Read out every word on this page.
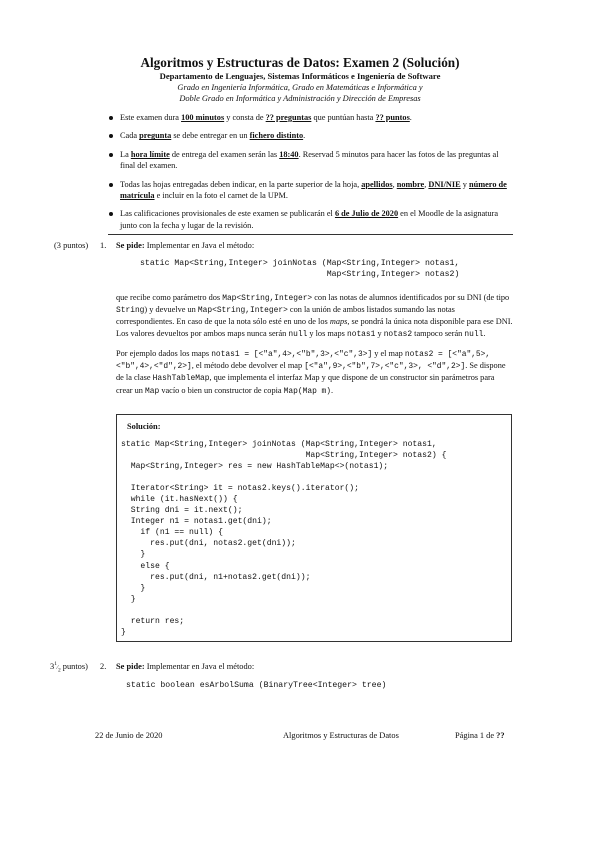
Algoritmos y Estructuras de Datos: Examen 2 (Solución)
Departamento de Lenguajes, Sistemas Informáticos e Ingeniería de Software
Grado en Ingeniería Informática, Grado en Matemáticas e Informática y
Doble Grado en Informática y Administración y Dirección de Empresas
Este examen dura 100 minutos y consta de ?? preguntas que puntúan hasta ?? puntos.
Cada pregunta se debe entregar en un fichero distinto.
La hora límite de entrega del examen serán las 18:40. Reservad 5 minutos para hacer las fotos de las preguntas al final del examen.
Todas las hojas entregadas deben indicar, en la parte superior de la hoja, apellidos, nombre, DNI/NIE y número de matrícula e incluir en la foto el carnet de la UPM.
Las calificaciones provisionales de este examen se publicarán el 6 de Julio de 2020 en el Moodle de la asignatura junto con la fecha y lugar de la revisión.
(3 puntos) 1. Se pide: Implementar en Java el método:
static Map<String,Integer> joinNotas (Map<String,Integer> notas1,
Map<String,Integer> notas2)
que recibe como parámetro dos Map<String,Integer> con las notas de alumnos identificados por su DNI (de tipo String) y devuelve un Map<String,Integer> con la unión de ambos listados sumando las notas correspondientes. En caso de que la nota sólo esté en uno de los maps, se pondrá la única nota disponible para ese DNI. Los valores devueltos por ambos maps nunca serán null y los maps notas1 y notas2 tampoco serán null.
Por ejemplo dados los maps notas1 = [<"a",4>,<"b",3>,<"c",3>] y el map notas2 = [<"a",5>,<"b",4>,<"d",2>], el método debe devolver el map [<"a",9>,<"b",7>,<"c",3>, <"d",2>]. Se dispone de la clase HashTableMap, que implementa el interfaz Map y que dispone de un constructor sin parámetros para crear un Map vacío o bien un constructor de copia Map(Map m).
Solución:
static Map<String,Integer> joinNotas (Map<String,Integer> notas1,
Map<String,Integer> notas2) {
Map<String,Integer> res = new HashTableMap<>(notas1);

Iterator<String> it = notas2.keys().iterator();
while (it.hasNext()) {
String dni = it.next();
Integer n1 = notas1.get(dni);
if (n1 == null) {
res.put(dni, notas2.get(dni));
}
else {
res.put(dni, n1+notas2.get(dni));
}
}

return res;
}
$3^1⁄_2$ puntos) 2. Se pide: Implementar en Java el método:
static boolean esArbolSuma (BinaryTree<Integer> tree)
22 de Junio de 2020	Algoritmos y Estructuras de Datos	Página 1 de ??
